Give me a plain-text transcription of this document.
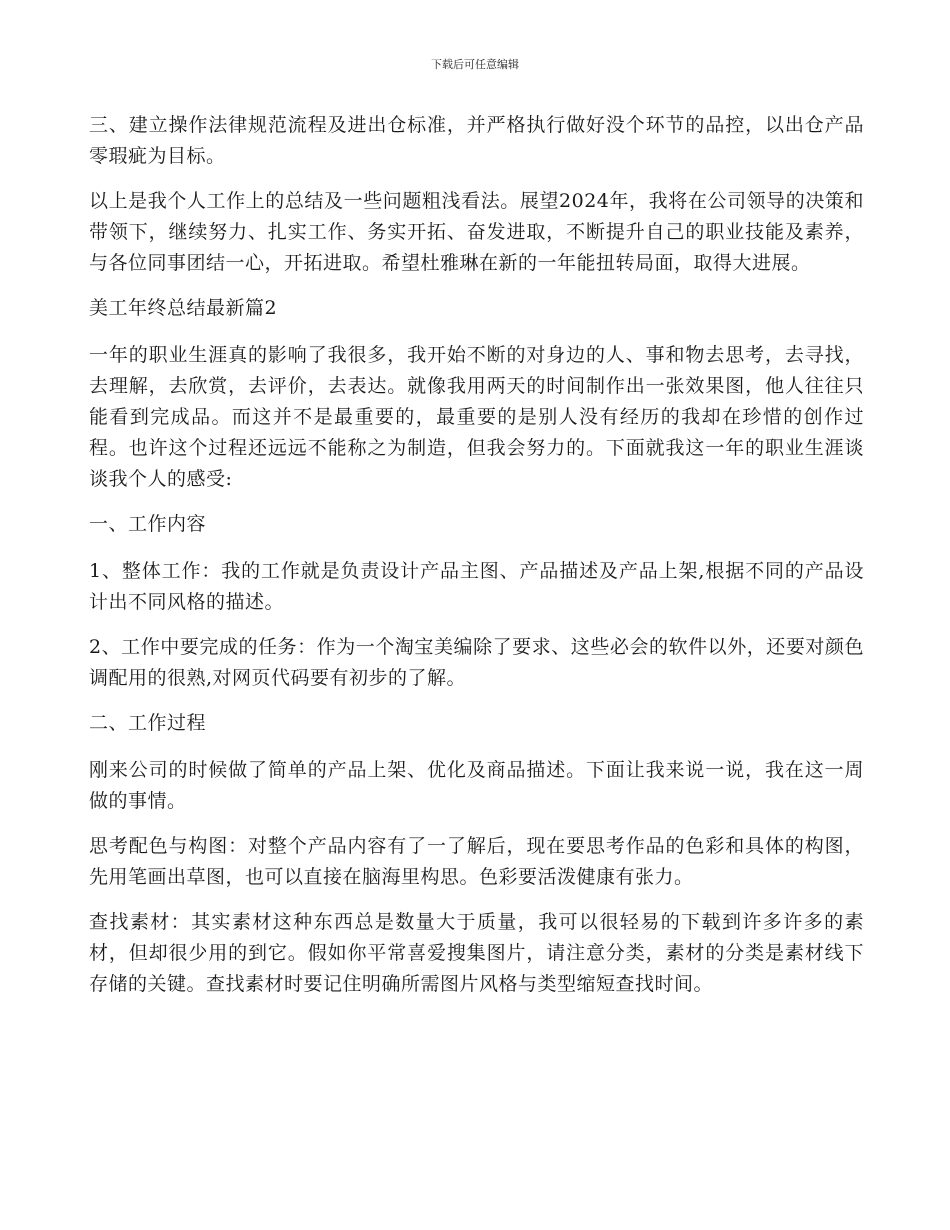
下载后可任意编辑

三、建立操作法律规范流程及进出仓标准，并严格执行做好没个环节的品控，以出仓产品零瑕疵为目标。

以上是我个人工作上的总结及一些问题粗浅看法。展望2024年，我将在公司领导的决策和带领下，继续努力、扎实工作、务实开拓、奋发进取，不断提升自己的职业技能及素养，与各位同事团结一心，开拓进取。希望杜雅琳在新的一年能扭转局面，取得大进展。

美工年终总结最新篇2

一年的职业生涯真的影响了我很多，我开始不断的对身边的人、事和物去思考，去寻找，去理解，去欣赏，去评价，去表达。就像我用两天的时间制作出一张效果图，他人往往只能看到完成品。而这并不是最重要的，最重要的是别人没有经历的我却在珍惜的创作过程。也许这个过程还远远不能称之为制造，但我会努力的。下面就我这一年的职业生涯谈谈我个人的感受:

一、工作内容

1、整体工作：我的工作就是负责设计产品主图、产品描述及产品上架,根据不同的产品设计出不同风格的描述。

2、工作中要完成的任务：作为一个淘宝美编除了要求、这些必会的软件以外，还要对颜色调配用的很熟,对网页代码要有初步的了解。

二、工作过程

刚来公司的时候做了简单的产品上架、优化及商品描述。下面让我来说一说，我在这一周做的事情。

思考配色与构图：对整个产品内容有了一了解后，现在要思考作品的色彩和具体的构图，先用笔画出草图，也可以直接在脑海里构思。色彩要活泼健康有张力。

查找素材：其实素材这种东西总是数量大于质量，我可以很轻易的下载到许多许多的素材，但却很少用的到它。假如你平常喜爱搜集图片，请注意分类，素材的分类是素材线下存储的关键。查找素材时要记住明确所需图片风格与类型缩短查找时间。
